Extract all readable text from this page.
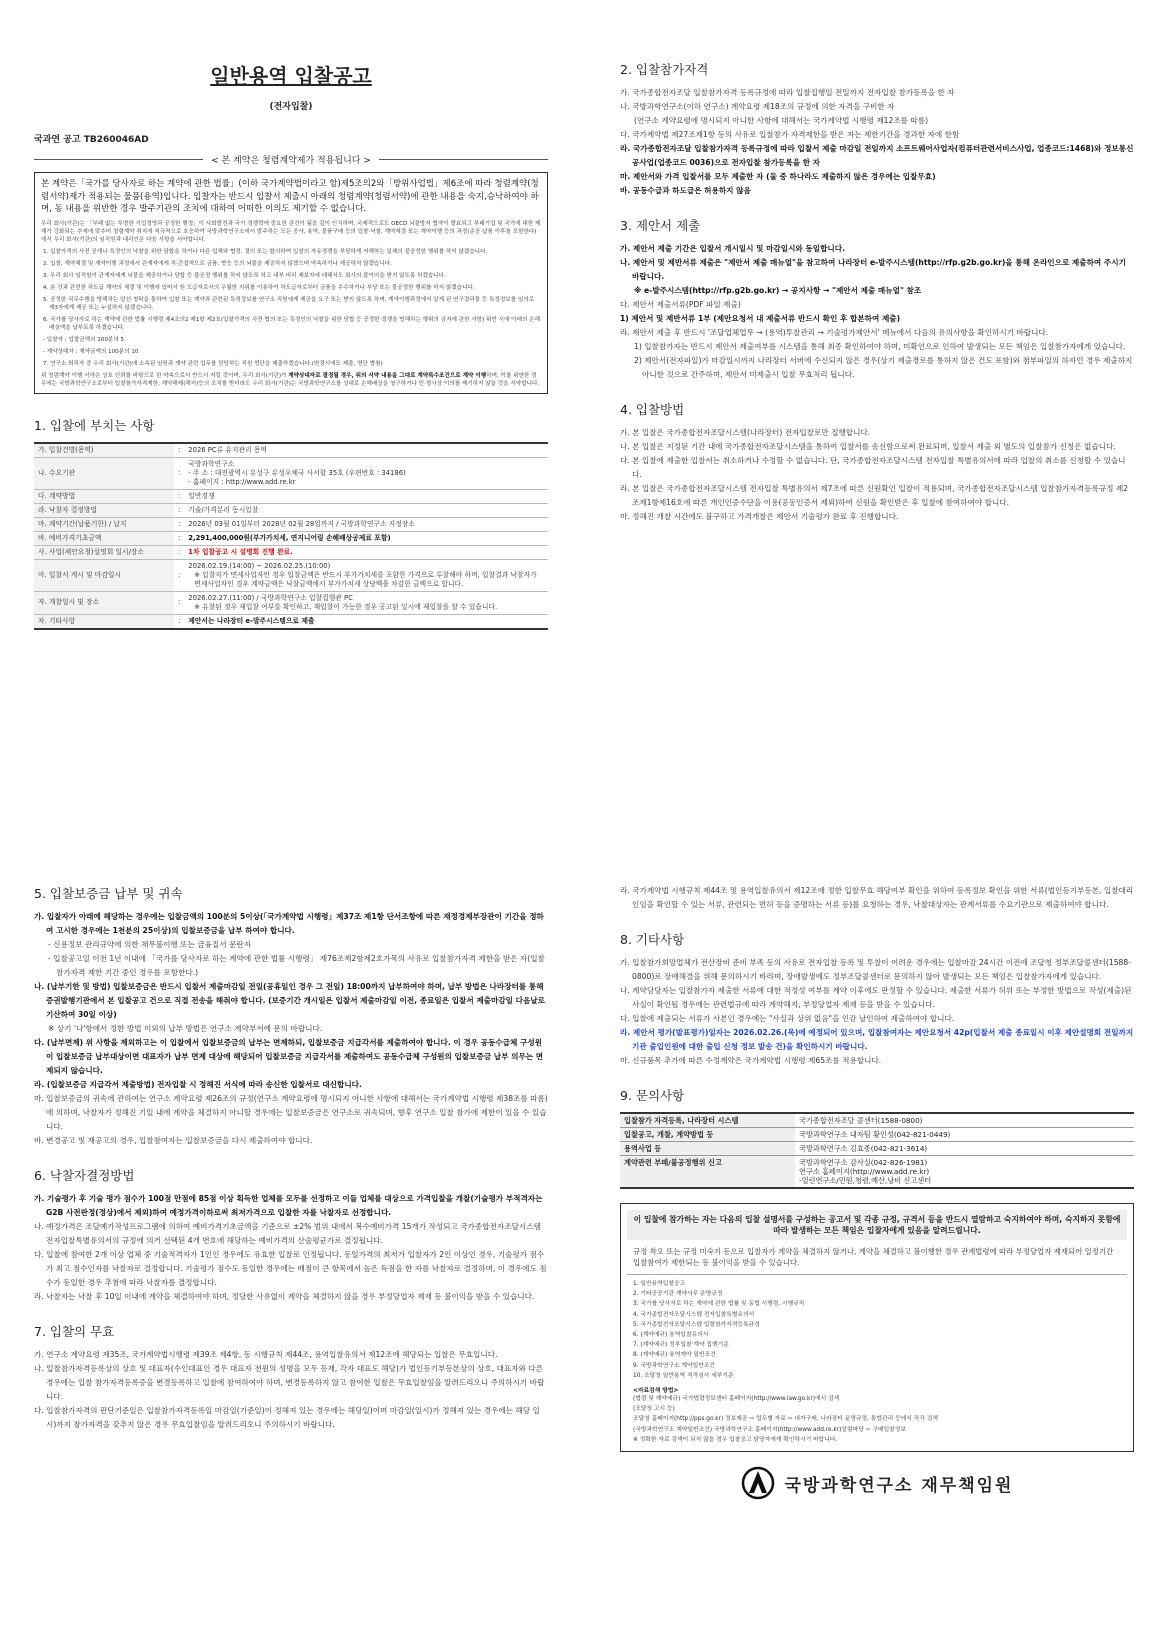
일반용역 입찰공고
(전자입찰)
국과연 공고 TB260046AD
< 본 계약은 청렴계약제가 적용됩니다 >
본 계약은「국가를 당사자로 하는 계약에 관한 법률」(이하 국가계약법이라고 함)제5조의2와「방위사업법」제6조에 따라 청렴계약(청렴서약)제가 적용되는 물품(용역)입니다. 입찰자는 반드시 입찰서 제출시 아래의 청렴계약(청렴서약)에 관한 내용을 숙지,승낙하여야 하며, 동 내용을 위반한 경우 발주기관의 조치에 대하여 어떠한 이의도 제기할 수 없습니다.
우리 회사(기관)는 「부패 없는 투명한 기업경영과 공정한 행정」이 사회발전과 국가 경쟁력에 중요한 관건이 됨을 깊이 인식하며, 국제적으로도 OECD 뇌물방지 협약이 발효되고 부패기업 및 국가에 대한 제재가 강화되는 추세에 맞추어 청렴계약 취지에 적극적으로 호응하여 국방과학연구소에서 발주하는 모든 공사, 용역, 물품구매 등의 입찰·낙찰, 계약체결 또는 계약이행 등의 과정(준공·납품 이후를 포함한다)에서 우리 회사(기관)의 임직원과 대리인은 다음 사항을 서약합니다.
1. 입찰가격의 사전 공개나 특정인의 낙찰을 위한 담합을 하거나 다른 업체와 협정, 결의 또는 합의하여 입찰의 자유경쟁을 부당하게 저해하는 일체의 불공정한 행위를 하지 않겠습니다.
2. 입찰, 계약체결 및 계약이행 과정에서 관계자에게 직·간접적으로 금품, 향응 등의 뇌물을 제공하지 않겠으며 약속하거나 제공하지 않겠습니다.
3. 우리 회사 임직원이 관계자에게 뇌물을 제공하거나 담합 등 불공정 행위를 하지 않도록 하고 내부 비리 제보자에 대해서도 회사의 불이익을 받지 않도록 하겠습니다.
4. 본 건과 관련한 하도급 계약의 체결 및 이행에 있어서 원 도급자로서의 우월한 지위를 이용하여 하도급자로부터 금품을 수수하거나 부당 또는 불공정한 행위를 하지 않겠습니다.
5. 공정한 직무수행을 방해하는 알선·청탁을 통하여 입찰 또는 계약과 관련된 특정정보를 연구소 직원에게 제공을 요구 또는 받지 않도록 하며, 계약이행과정에서 알게 된 연구결과물 등 특정정보를 임의로 제3자에게 제공 또는 누설하지 않겠습니다.
6. 국가를 당사자로 하는 계약에 관한 법률 시행령 제4조의2 제1항 제2호(입찰가격의 사전 협의 또는 특정인의 낙찰을 위한 담합 등 공정한 경쟁을 방해하는 행위의 금지에 관한 사항) 위반 시에 아래의 손해배상액을 납부토록 하겠습니다.
- 입찰자 : 입찰금액의 100분의 5
- 계약상대자 : 계약금액의 100분의 10
7. 연구소 퇴직자 중 우리 회사(기관)에 소속된 임원과 계약 관련 업무를 담당하는 직원 명단을 제출하겠습니다.(변경시에도 제출, 명단 별첨)
위 청렴계약 이행 서약은 상호 신뢰를 바탕으로 한 약속으로서 반드시 지킬 것이며, 우리 회사(기관)가 계약상대자로 결정될 경우, 위의 서약 내용을 그대로 계약특수조건으로 계약 이행하며, 이를 위반한 경우에는 국방과학연구소로부터 입찰참가자격제한, 계약해제(해지)등의 조치를 받더라도 우리 회사(기관)는 국방과학연구소를 상대로 손해배상을 청구하거나 민·형사상 이의를 제기하지 않을 것을 서약합니다.
1. 입찰에 부치는 사항
가. 입찰건명(용역)	:	2026 PC류 유지관리 용역

나. 수요기관	:	국방과학연구소
- 주 소 : 대전광역시 유성구 유성우체국 사서함 35호 (우편번호 : 34186)
- 홈페이지 : http://www.add.re.kr

다. 계약방법	:	일반경쟁

라. 낙찰자 결정방법	:	기술/가격분리 동시입찰

마. 계약기간(납품기한) / 납지	:	2026년 03월 01일부터 2028년 02월 28일까지 / 국방과학연구소 지정장소

바. 예비가격기초금액	:	2,291,400,000원(부가가치세, 연지니어링 손해배상공제료 포함)

사. 사업(제안요청)설명회 일시/장소	:	1차 입찰공고 시 설명회 진행 완료.

아. 입찰서 게시 및 마감일시	:	2026.02.19.(14:00) ~ 2026.02.25.(10:00)
※ 입찰자가 면세사업자인 경우 입찰금액은 반드시 부가가치세를 포함한 가격으로 투찰해야 하며, 입찰결과 낙찰자가 면세사업자인 경우 계약금액은 낙찰금액에서 부가가치세 상당액을 차감한 금액으로 합니다.

자. 개찰일시 및 장소	:	2026.02.27.(11:00) / 국방과학연구소 입찰집행관 PC
※ 유찰된 경우 재입찰 여부를 확인하고, 재입찰이 가능한 경우 공고된 일시에 재입찰을 할 수 있습니다.

차. 기타사항	:	제안서는 나라장터 e-발주시스템으로 제출
2. 입찰참가자격
가. 국가종합전자조달 입찰참가자격 등록규정에 따라 입찰집행일 전일까지 전자입찰 참가등록을 한 자
나. 국방과학연구소(이하 연구소) 계약요령 제18조의 규정에 의한 자격을 구비한 자
(연구소 계약요령에 명시되지 아니한 사항에 대해서는 국가계약법 시행령 제12조를 따름)
다. 국가계약법 제27조제1항 등의 사유로 입찰참가 자격제한을 받은 자는 제한기간을 경과한 자에 한함
라. 국가종합전자조달 입찰참가자격 등록규정에 따라 입찰서 제출 마감일 전일까지 소프트웨어사업자(컴퓨터관련서비스사업, 업종코드:1468)와 정보통신공사업(업종코드 0036)으로 전자입찰 참가등록을 한 자
마. 제안서와 가격 입찰서를 모두 제출한 자 (둘 중 하나라도 제출하지 않은 경우에는 입찰무효)
바. 공동수급과 하도급은 허용하지 않음
3. 제안서 제출
가. 제안서 제출 기간은 입찰서 개시일시 및 마감일시와 동일합니다.
나. 제안서 및 제반서류 제출은 "제안서 제출 매뉴얼"을 참고하여 나라장터 e-발주시스템(http://rfp.g2b.go.kr)을 통해 온라인으로 제출하여 주시기 바랍니다.
※ e-발주시스템(http://rfp.g2b.go.kr) → 공지사항 → "제안서 제출 매뉴얼" 참조
다. 제안서 제출서류(PDF 파일 제출)
1) 제안서 및 제반서류 1부 (제안요청서 내 제출서류 반드시 확인 후 합본하여 제출)
라. 제안서 제출 후 반드시 '조달업체업무 → (용역)투찰관리 → 기술평가제안서' 메뉴에서 다음의 유의사항을 확인하시기 바랍니다.
1) 입찰참가자는 반드시 제안서 제출여부를 시스템을 통해 최종 확인하여야 하며, 미확인으로 인하여 발생되는 모든 책임은 입찰참가자에게 있습니다.
2) 제안서(전자파일)가 마감일시까지 나라장터 서버에 수신되지 않은 경우(상기 제출경로를 통하지 않은 건도 포함)와 첨부파일의 하자인 경우 제출하지 아니한 것으로 간주하며, 제안서 미제출시 입찰 무효처리 됩니다.
4. 입찰방법
가. 본 입찰은 국가종합전자조달시스템(나라장터) 전자입찰로만 집행합니다.
나. 본 입찰은 지정된 기간 내에 국가종합전자조달시스템을 통하여 입찰서를 송신함으로써 완료되며, 입찰서 제출 외 별도의 입찰참가 신청은 없습니다.
다. 본 입찰에 제출한 입찰서는 취소하거나 수정할 수 없습니다. 단, 국가종합전자조달시스템 전자입찰 특별유의서에 따라 입찰의 취소를 신청할 수 있습니다.
라. 본 입찰은 국가종합전자조달시스템 전자입찰 특별유의서 제7조에 따른 신원확인 입찰이 적용되며, 국가종합전자조달시스템 입찰참가자격등록규정 제2조제1항제16호에 따른 개인인증수단을 이용(공동인증서 제외)하여 신원을 확인받은 후 입찰에 참여하여야 합니다.
마. 정해진 개찰 시간에도 불구하고 가격개찰은 제안서 기술평가 완료 후 진행합니다.
5. 입찰보증금 납부 및 귀속
가. 입찰자가 아래에 해당하는 경우에는 입찰금액의 100분의 5이상(「국가계약법 시행령」제37조 제1항 단서조항에 따른 재정경제부장관이 기간을 정하여 고시한 경우에는 1천분의 25이상)의 입찰보증금을 납부 하여야 합니다.
- 신용정보 관리규약에 의한 채무불이행 또는 금융질서 문란자
- 입찰공고일 이전 1년 이내에 「국가를 당사자로 하는 계약에 관한 법률 시행령」 제76조제2항제2호가목의 사유로 입찰참가자격 제한을 받은 자(입찰참가자격 제한 기간 중인 경우를 포함한다.)
나. (납부기한 및 방법) 입찰보증금은 반드시 입찰서 제출마감일 전일(공휴일인 경우 그 전일) 18:00까지 납부하여야 하며, 납부 방법은 나라장터를 통해 증권발행기관에서 본 입찰공고 건으로 직접 전송을 해줘야 합니다. (보증기간 개시일은 입찰서 제출마감일 이전, 종료일은 입찰서 제출마감일 다음날로 기산하여 30일 이상)
※ 상기 '나'항에서 정한 방법 이외의 납부 방법은 연구소 계약부서에 문의 바랍니다.
다. (납부면제) 위 사항을 제외하고는 이 입찰에서 입찰보증금의 납부는 면제하되, 입찰보증금 지급각서를 제출하여야 합니다. 이 경우 공동수급체 구성원이 입찰보증금 납부대상이면 대표자가 납부 면제 대상에 해당되어 입찰보증금 지급각서를 제출하여도 공동수급체 구성원의 입찰보증금 납부 의무는 면제되지 않습니다.
라. (입찰보증금 지급각서 제출방법) 전자입찰 시 정해진 서식에 따라 송신한 입찰서로 대신합니다.
마. 입찰보증금의 귀속에 관하여는 연구소 계약요령 제26조의 규정(연구소 계약요령에 명시되지 아니한 사항에 대해서는 국가계약법 시행령 제38조를 따름)에 의하며, 낙찰자가 정해진 기일 내에 계약을 체결하지 아니할 경우에는 입찰보증금은 연구소로 귀속되며, 향후 연구소 입찰 참가에 제한이 있을 수 있습니다.
바. 변경공고 및 재공고의 경우, 입찰참여자는 입찰보증금을 다시 제출하여야 합니다.
6. 낙찰자결정방법
가. 기술평가 후 기술 평가 점수가 100점 만점에 85점 이상 획득한 업체를 모두를 선정하고 이들 업체를 대상으로 가격입찰을 개찰(기술평가 부적격자는 G2B 사전판정(정상)에서 제외)하여 예정가격이하로써 최저가격으로 입찰한 자를 낙찰자로 선정합니다.
나. 예정가격은 조달예가작성프로그램에 의하여 예비가격기초금액을 기준으로 ±2% 범위 내에서 복수예비가격 15개가 작성되고 국가종합전자조달시스템 전자입찰특별유의서의 규정에 의거 선택된 4개 번호에 해당하는 예비가격의 산술평균가로 결정됩니다.
다. 입찰에 참여한 2개 이상 업체 중 기술적격자가 1인인 경우에도 유효한 입찰로 인정됩니다. 동일가격의 최저가 입찰자가 2인 이상인 경우, 기술평가 점수가 최고 점수인자를 낙찰자로 결정합니다. 기술평가 점수도 동일한 경우에는 배점이 큰 항목에서 높은 득점을 한 자를 낙찰자로 결정하며, 이 경우에도 점수가 동일한 경우 추첨에 따라 낙찰자를 결정합니다.
라. 낙찰자는 낙찰 후 10일 이내에 계약을 체결하여야 하며, 정당한 사유없이 계약을 체결하지 않을 경우 부정당업자 제재 등 불이익을 받을 수 있습니다.
7. 입찰의 무효
가. 연구소 계약요령 제35조, 국가계약법시행령 제39조 제4항, 동 시행규칙 제44조, 용역입찰유의서 제12조에 해당되는 입찰은 무효입니다.
나. 입찰참가자격등록상의 상호 및 대표자(수인대표인 경우 대표자 전원의 성명을 모두 등재, 각자 대표도 해당)가 법인등기부등본상의 상호, 대표자와 다른 경우에는 입찰 참가자격등록증을 변경등록하고 입찰에 참여하여야 하며, 변경등록하지 않고 참여한 입찰은 무효입찰임을 알려드리오니 주의하시기 바랍니다.
다. 입찰참가자격의 판단기준일은 입찰참가자격등록일 마감일(기준일)이 정해져 있는 경우에는 해당일)이며 마감일(일시)가 정해져 있는 경우에는 해당 일시)까지 참가자격을 갖추지 않은 경우 무효입찰임을 알려드리오니 주의하시기 바랍니다.
라. 국가계약법 시행규칙 제44조 및 용역입찰유의서 제12조에 정한 입찰무효 해당여부 확인을 위하여 등록정보 확인을 위한 서류(법인등기부등본, 입찰대리인임을 확인할 수 있는 서류, 관련되는 면허 등을 증명하는 서류 등)를 요청하는 경우, 낙찰대상자는 관계서류를 수요기관으로 제출하여야 합니다.
8. 기타사항
가. 입찰참가희망업체가 전산장비 준비 부족 등의 사유로 전자입찰 등록 및 투찰이 어려운 경우에는 입찰마감 24시간 이전에 조달청 정부조달콜센터(1588-0800)로 장애해결을 위해 문의하시기 바라며, 장애발생에도 정부조달콜센터로 문의하지 않아 발생되는 모든 책임은 입찰참가자에게 있습니다.
나. 계약담당자는 입찰참가자 제출한 서류에 대한 적정성 여부를 계약 이후에도 판정할 수 있습니다. 제출한 서류가 허위 또는 부정한 방법으로 작성(제출)된 사실이 확인될 경우에는 관련법규에 따라 계약해지, 부정당업자 제재 등을 받을 수 있습니다.
다. 입찰에 제출되는 서류가 사본인 경우에는 "사실과 상위 없음"을 인감 날인하여 제출하여야 합니다.
라. 제안서 평가(발표평가)일자는 2026.02.26.(목)에 예정되어 있으며, 입찰참여자는 제안요청서 42p(입찰서 제출 종료일시 이후 제안설명회 전일까지 기관 출입인원에 대한 출입 신청 정보 발송 건)을 확인하시기 바랍니다.
마. 신규품목 추가에 따른 수정계약은 국가계약법 시행령 제65조를 적용합니다.
9. 문의사항
입찰참가 자격등록, 나라장터 시스템	국가종합전자조달 콜센터(1588-0800)

입찰공고, 개찰, 계약방법 등	국방과학연구소 내자팀 황인성(042-821-0449)

용역사업 등	국방과학연구소 김효종(042-821-3614)

계약관련 부패/불공정행위 신고	국방과학연구소 감사실(042-826-1981)
연구소 홈페이지(http://www.add.re.kr)
-열린연구소/민원,청렴,예산,낭비 신고센터
이 입찰에 참가하는 자는 다음의 입찰 설명서를 구성하는 공고서 및 각종 규정, 규격서 등을 반드시 열람하고 숙지하여야 하며, 숙지하지 못함에 따라 발생하는 모든 책임은 입찰자에게 있음을 알려드립니다.
규정 착오 또는 규정 미숙지 등으로 입찰자가 계약을 체결하지 않거나, 계약을 체결하고 불이행한 경우 관계법령에 따라 부정당업자 제재되어 일정기간 입찰참여가 제한되는 등 불이익을 받을 수 있습니다.
1. 일반용역입찰공고
2. 기타공공기관 계약사무 운영규정
3. 국가를 당사자로 하는 계약에 관한 법률 및 동법 시행령, 시행규칙
4. 국가종합전자조달시스템 전자입찰특별유의서
5. 국가종합전자조달시스템 입찰참가자격등록규정
6. (계약예규) 용역입찰유의서
7. (계약예규) 정부입찰·계약 집행기준
8. (계약예규) 용역계약 일반조건
9. 국방과학연구소 계약일반조건
10. 조달청 일반용역 적격심사 세부기준
<자료검색 방법>
(법령 및 계약예규) 국가법령정보센터 홈페이지(http://www.law.go.kr)에서 검색
(조달청 고시 등)
조달청 홈페이지(http://pps.go.kr) 정보제공 ⇨ 업무별 자료 ⇨ 내자구매, 나라장터 운영규정, 통합관리 등에서 각각 검색
(국방과학연구소 계약일반조건) 국방과학연구소 홈페이지(http://www.add.re.kr)알림마당 ⇨ 구매입찰정보
※ 정확한 자료 검색이 되지 않을 경우 입찰공고 담당자에게 확인하시기 바랍니다.
국방과학연구소 재무책임원
